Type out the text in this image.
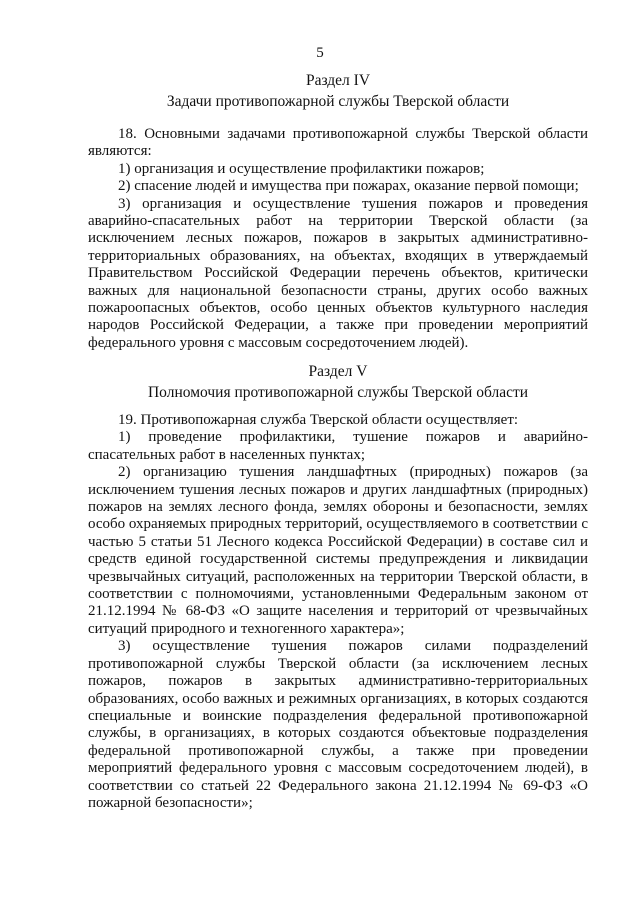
5
Раздел IV
Задачи противопожарной службы Тверской области

18. Основными задачами противопожарной службы Тверской области являются:

1) организация и осуществление профилактики пожаров;

2) спасение людей и имущества при пожарах, оказание первой помощи;

3) организация и осуществление тушения пожаров и проведения аварийно-спасательных работ на территории Тверской области (за исключением лесных пожаров, пожаров в закрытых административно-территориальных образованиях, на объектах, входящих в утверждаемый Правительством Российской Федерации перечень объектов, критически важных для национальной безопасности страны, других особо важных пожароопасных объектов, особо ценных объектов культурного наследия народов Российской Федерации, а также при проведении мероприятий федерального уровня с массовым сосредоточением людей).

Раздел V
Полномочия противопожарной службы Тверской области

19. Противопожарная служба Тверской области осуществляет:

1) проведение профилактики, тушение пожаров и аварийно-спасательных работ в населенных пунктах;

2) организацию тушения ландшафтных (природных) пожаров (за исключением тушения лесных пожаров и других ландшафтных (природных) пожаров на землях лесного фонда, землях обороны и безопасности, землях особо охраняемых природных территорий, осуществляемого в соответствии с частью 5 статьи 51 Лесного кодекса Российской Федерации) в составе сил и средств единой государственной системы предупреждения и ликвидации чрезвычайных ситуаций, расположенных на территории Тверской области, в соответствии с полномочиями, установленными Федеральным законом от 21.12.1994 № 68-ФЗ «О защите населения и территорий от чрезвычайных ситуаций природного и техногенного характера»;

3) осуществление тушения пожаров силами подразделений противопожарной службы Тверской области (за исключением лесных пожаров, пожаров в закрытых административно-территориальных образованиях, особо важных и режимных организациях, в которых создаются специальные и воинские подразделения федеральной противопожарной службы, в организациях, в которых создаются объектовые подразделения федеральной противопожарной службы, а также при проведении мероприятий федерального уровня с массовым сосредоточением людей), в соответствии со статьей 22 Федерального закона 21.12.1994 № 69-ФЗ «О пожарной безопасности»;
